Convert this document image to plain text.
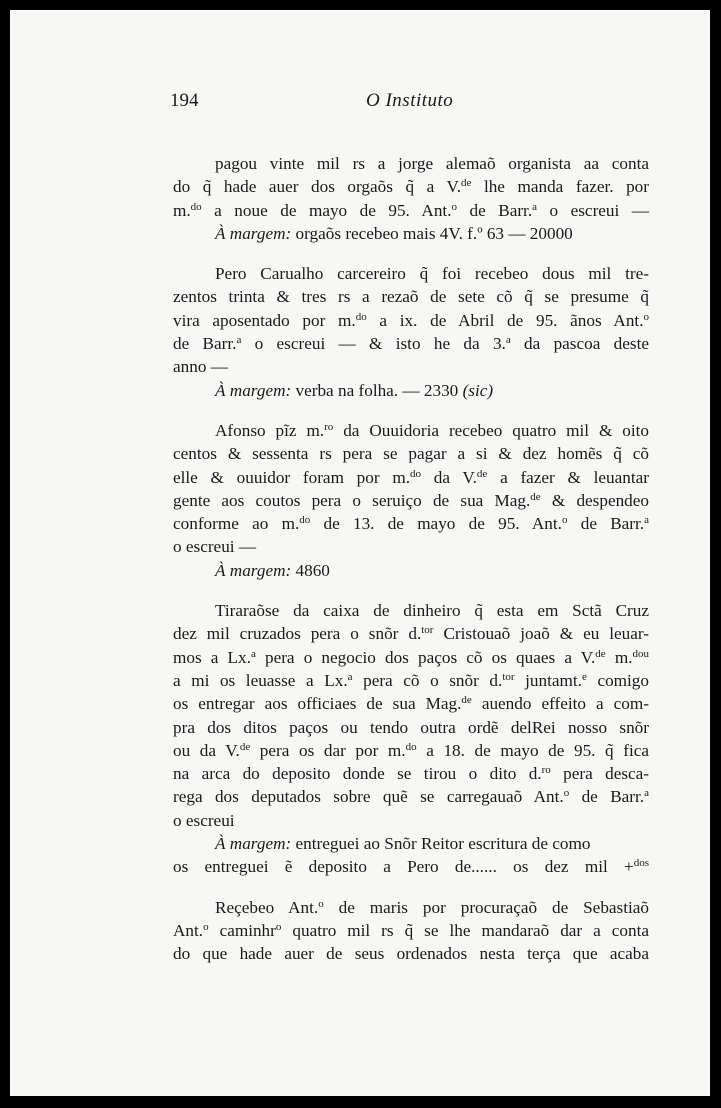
194	O Instituto
pagou vinte mil rs a jorge alemaõ organista aa conta
do q̃ hade auer dos orgaõs q̃ a V.$^{de}$ lhe manda fazer. por
m.$^{do}$ a noue de mayo de 95. Ant.$^o$ de Barr.$^a$ o escreui —
À margem: orgaõs recebeo mais 4V. f.º 63 — 20000
Pero Carualho carcereiro q̃ foi recebeo dous mil tre-
zentos trinta & tres rs a rezaõ de sete cõ q̃ se presume q̃
vira aposentado por m.$^{do}$ a ix. de Abril de 95. ãnos Ant.$^o$
de Barr.$^a$ o escreui — & isto he da 3.$^a$ da pascoa deste
anno —
À margem: verba na folha. — 2330 (sic)
Afonso pĩz m.$^{ro}$ da Ouuidoria recebeo quatro mil & oito
centos & sessenta rs pera se pagar a si & dez homẽs q̃ cõ
elle & ouuidor foram por m.$^{do}$ da V.$^{de}$ a fazer & leuantar
gente aos coutos pera o seruiço de sua Mag.$^{de}$ & despendeo
conforme ao m.$^{do}$ de 13. de mayo de 95. Ant.$^o$ de Barr.$^a$
o escreui —
À margem: 4860
Tiraraõse da caixa de dinheiro q̃ esta em Sctã Cruz
dez mil cruzados pera o snõr d.$^{tor}$ Cristouaõ joaõ & eu leuar-
mos a Lx.$^a$ pera o negocio dos paços cõ os quaes a V.$^{de}$ m.$^{dou}$
a mi os leuasse a Lx.$^a$ pera cõ o snõr d.$^{tor}$ juntamt.$^e$ comigo
os entregar aos officiaes de sua Mag.$^{de}$ auendo effeito a com-
pra dos ditos paços ou tendo outra ordẽ delRei nosso snõr
ou da V.$^{de}$ pera os dar por m.$^{do}$ a 18. de mayo de 95. q̃ fica
na arca do deposito donde se tirou o dito d.$^{ro}$ pera desca-
rega dos deputados sobre quẽ se carregauaõ Ant.$^o$ de Barr.$^a$
o escreui
À margem: entreguei ao Snõr Reitor escritura de como
os entreguei ẽ deposito a Pero de...... os dez mil +$^{dos}$
Reçebeo Ant.$^o$ de maris por procuraçaõ de Sebastiaõ
Ant.$^o$ caminhr$^o$ quatro mil rs q̃ se lhe mandaraõ dar a conta
do que hade auer de seus ordenados nesta terça que acaba
